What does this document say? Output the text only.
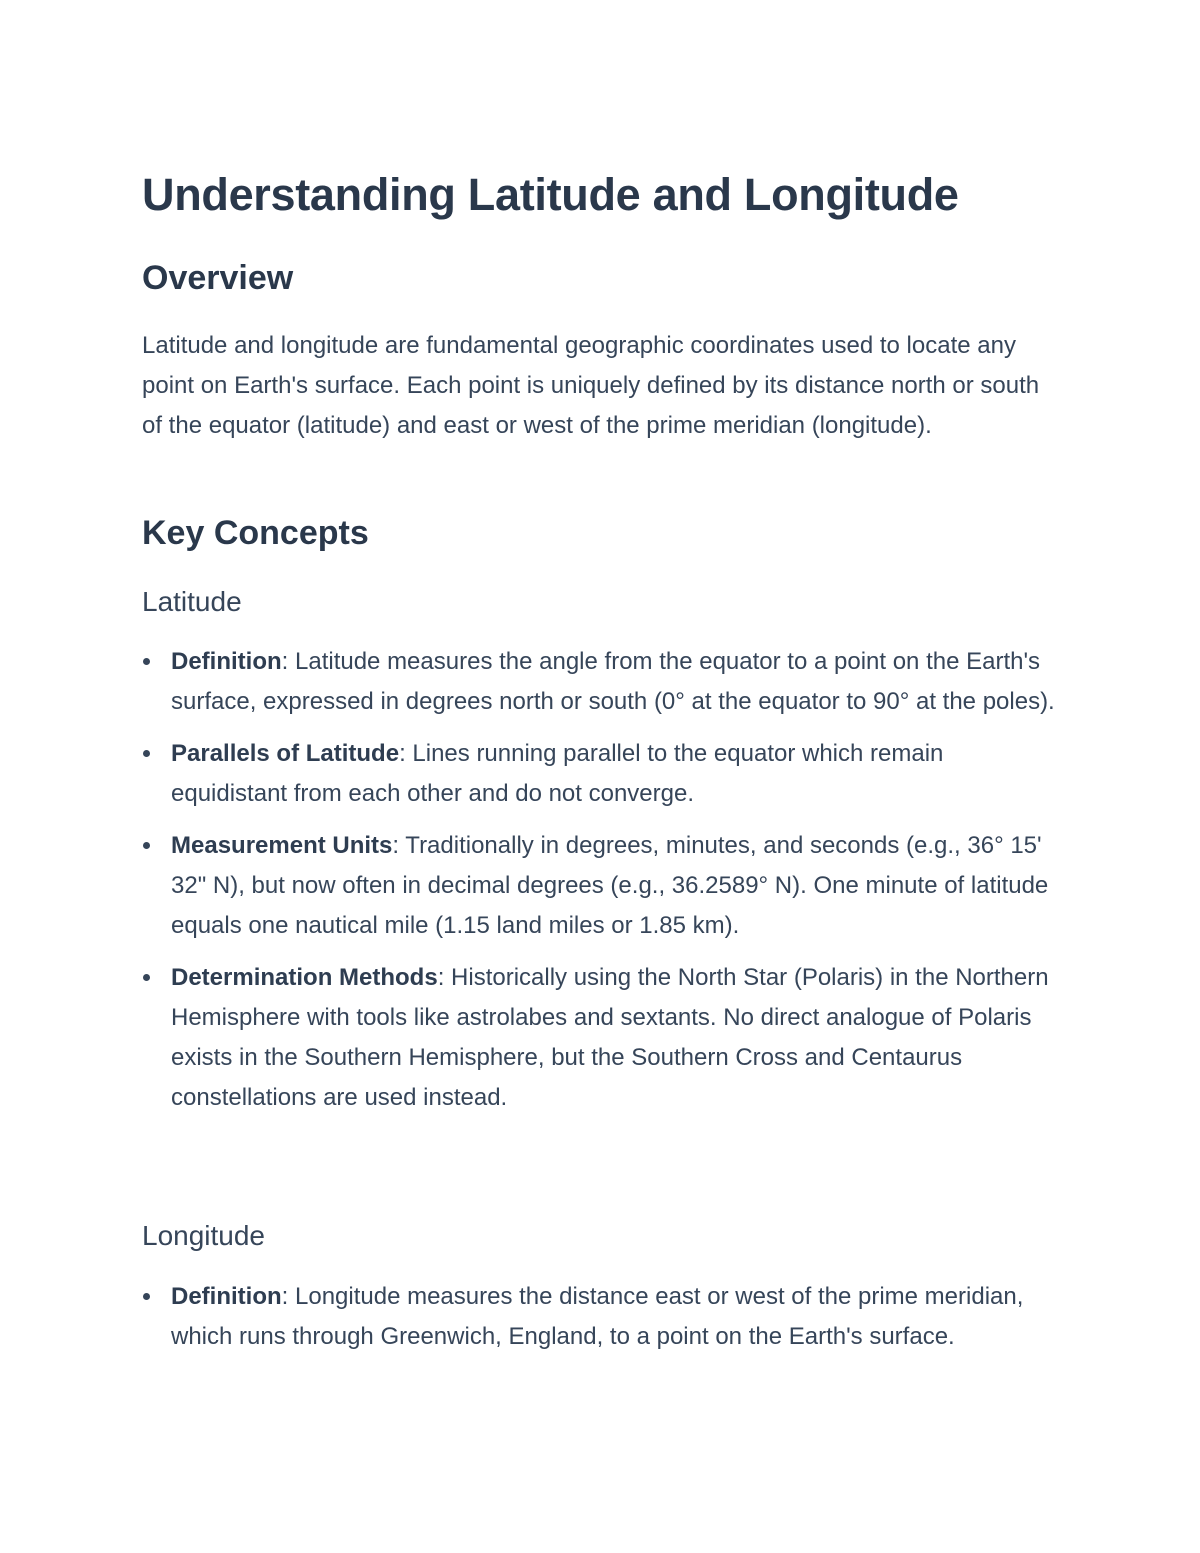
Understanding Latitude and Longitude
Overview

Latitude and longitude are fundamental geographic coordinates used to locate any point on Earth's surface. Each point is uniquely defined by its distance north or south of the equator (latitude) and east or west of the prime meridian (longitude).

Key Concepts
Latitude
Definition: Latitude measures the angle from the equator to a point on the Earth's surface, expressed in degrees north or south (0° at the equator to 90° at the poles).
Parallels of Latitude: Lines running parallel to the equator which remain equidistant from each other and do not converge.
Measurement Units: Traditionally in degrees, minutes, and seconds (e.g., 36° 15' 32" N), but now often in decimal degrees (e.g., 36.2589° N). One minute of latitude equals one nautical mile (1.15 land miles or 1.85 km).
Determination Methods: Historically using the North Star (Polaris) in the Northern Hemisphere with tools like astrolabes and sextants. No direct analogue of Polaris exists in the Southern Hemisphere, but the Southern Cross and Centaurus constellations are used instead.
Longitude
Definition: Longitude measures the distance east or west of the prime meridian, which runs through Greenwich, England, to a point on the Earth's surface.
